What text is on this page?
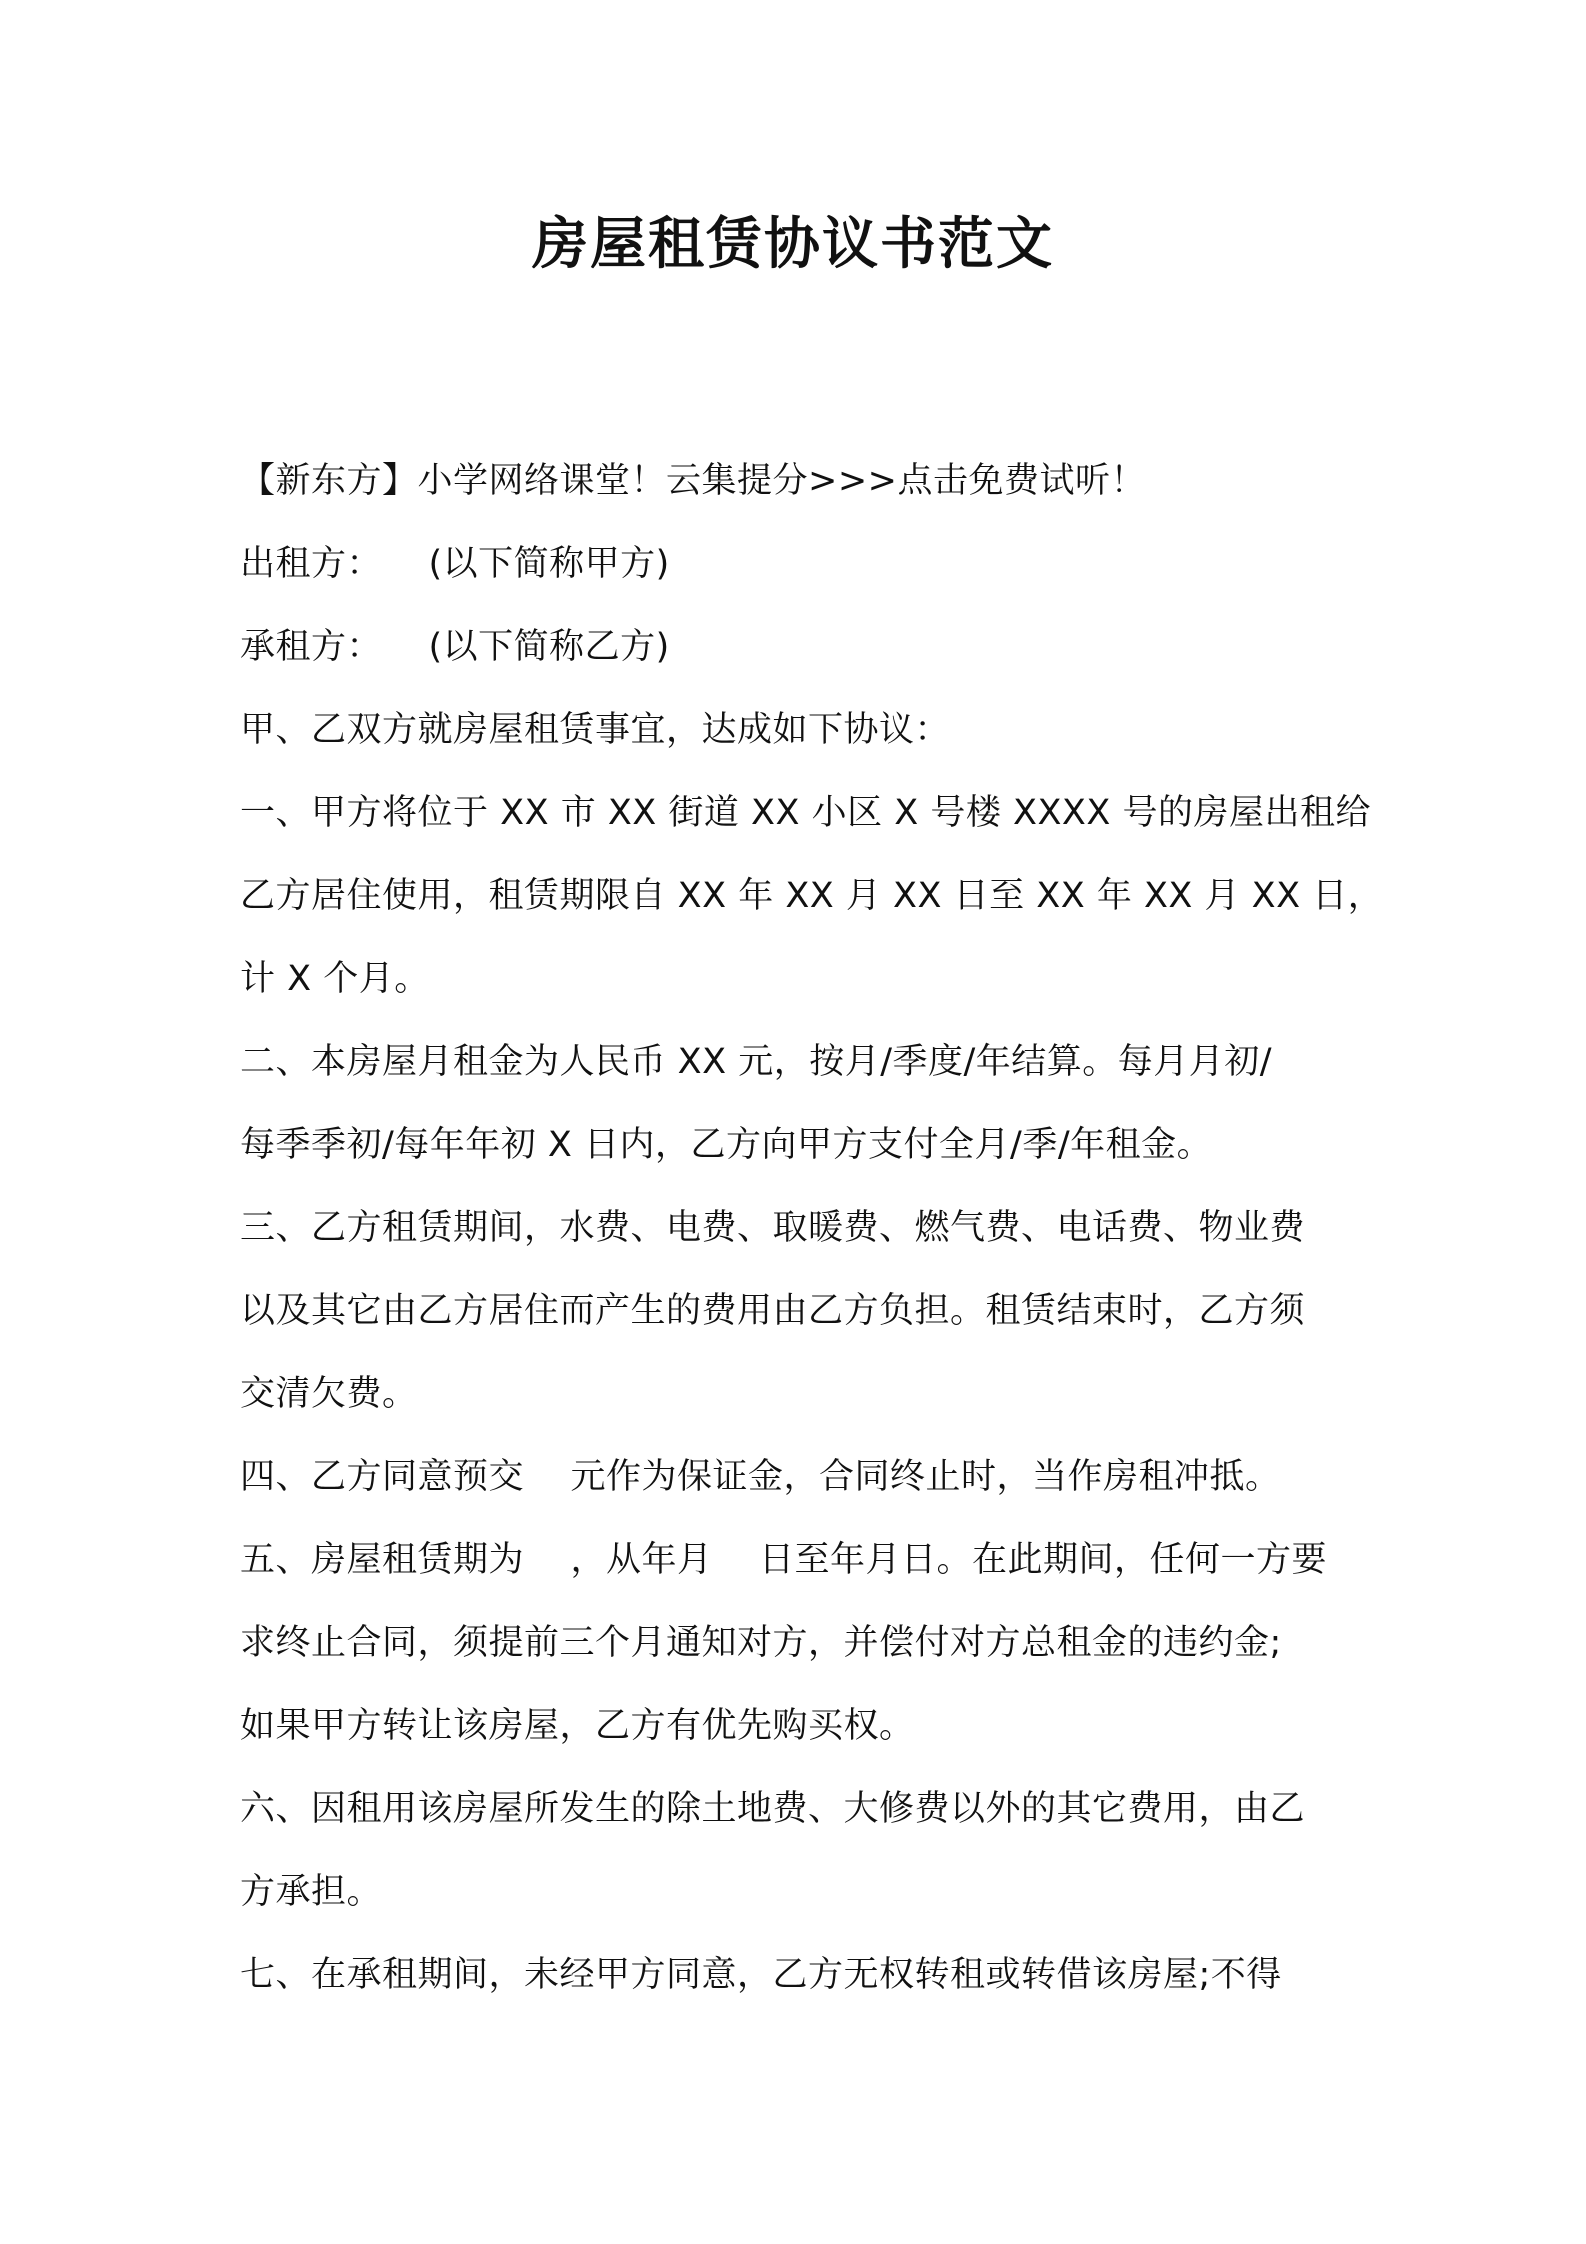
房屋租赁协议书范文
【新东方】小学网络课堂！云集提分>>>点击免费试听！
出租方：    (以下简称甲方)
承租方：    (以下简称乙方)
甲、乙双方就房屋租赁事宜，达成如下协议：
一、甲方将位于 XX 市 XX 街道 XX 小区 X 号楼 XXXX 号的房屋出租给
乙方居住使用，租赁期限自 XX 年 XX 月 XX 日至 XX 年 XX 月 XX 日，
计 X 个月。
二、本房屋月租金为人民币 XX 元，按月/季度/年结算。每月月初/
每季季初/每年年初 X 日内，乙方向甲方支付全月/季/年租金。
三、乙方租赁期间，水费、电费、取暖费、燃气费、电话费、物业费
以及其它由乙方居住而产生的费用由乙方负担。租赁结束时，乙方须
交清欠费。
四、乙方同意预交    元作为保证金，合同终止时，当作房租冲抵。
五、房屋租赁期为    ，从年月    日至年月日。在此期间，任何一方要
求终止合同，须提前三个月通知对方，并偿付对方总租金的违约金;
如果甲方转让该房屋，乙方有优先购买权。
六、因租用该房屋所发生的除土地费、大修费以外的其它费用，由乙
方承担。
七、在承租期间，未经甲方同意，乙方无权转租或转借该房屋;不得
